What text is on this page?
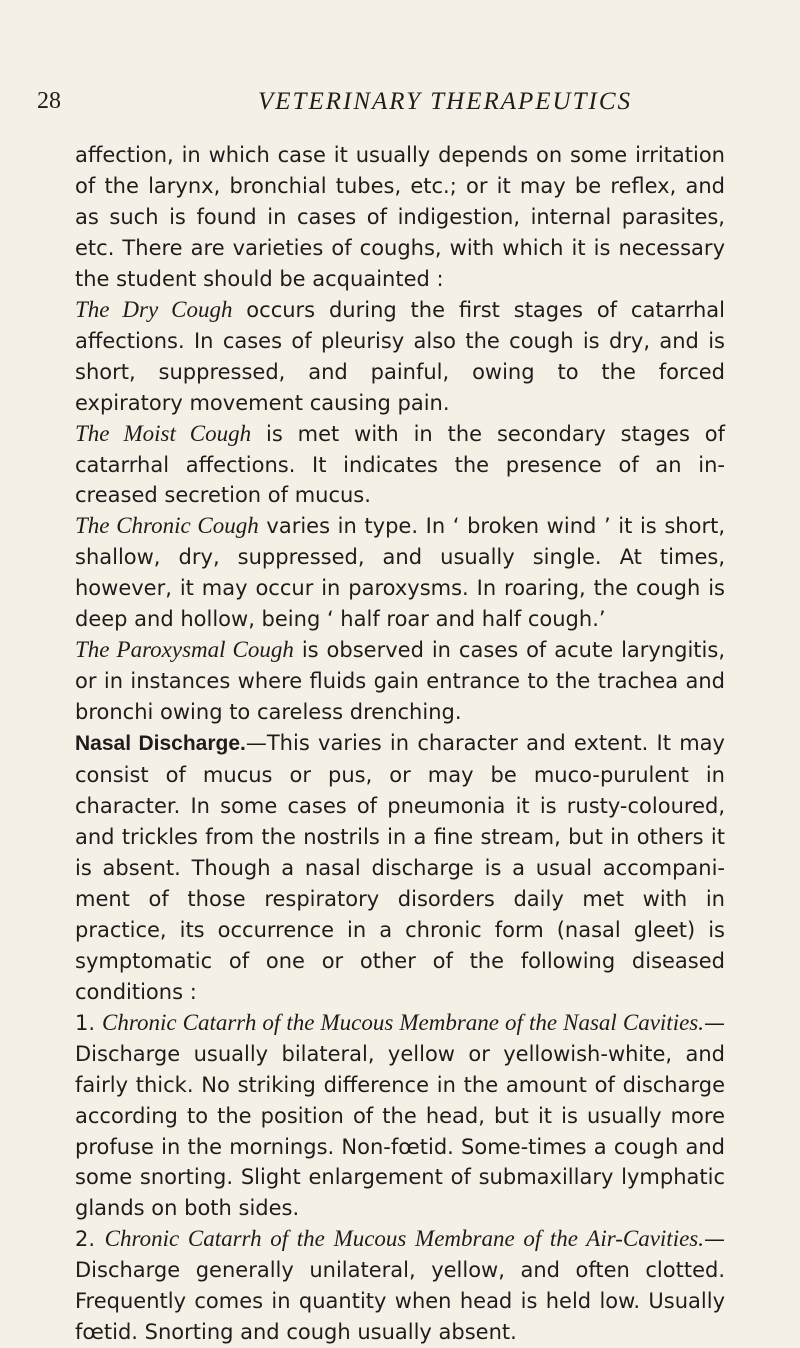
28	VETERINARY THERAPEUTICS

affection, in which case it usually depends on some irritation of the larynx, bronchial tubes, etc.; or it may be reflex, and as such is found in cases of indigestion, internal parasites, etc. There are varieties of coughs, with which it is necessary the student should be acquainted :

The Dry Cough occurs during the first stages of catarrhal affections. In cases of pleurisy also the cough is dry, and is short, suppressed, and painful, owing to the forced expiratory movement causing pain.

The Moist Cough is met with in the secondary stages of catarrhal affections. It indicates the presence of an in-creased secretion of mucus.

The Chronic Cough varies in type. In ‘ broken wind ’ it is short, shallow, dry, suppressed, and usually single. At times, however, it may occur in paroxysms. In roaring, the cough is deep and hollow, being ‘ half roar and half cough.’

The Paroxysmal Cough is observed in cases of acute laryngitis, or in instances where fluids gain entrance to the trachea and bronchi owing to careless drenching.

Nasal Discharge.—This varies in character and extent. It may consist of mucus or pus, or may be muco-purulent in character. In some cases of pneumonia it is rusty-coloured, and trickles from the nostrils in a fine stream, but in others it is absent. Though a nasal discharge is a usual accompani-ment of those respiratory disorders daily met with in practice, its occurrence in a chronic form (nasal gleet) is symptomatic of one or other of the following diseased conditions :

1. Chronic Catarrh of the Mucous Membrane of the Nasal Cavities.—Discharge usually bilateral, yellow or yellowish-white, and fairly thick. No striking difference in the amount of discharge according to the position of the head, but it is usually more profuse in the mornings. Non-fœtid. Some-times a cough and some snorting. Slight enlargement of submaxillary lymphatic glands on both sides.

2. Chronic Catarrh of the Mucous Membrane of the Air-Cavities.—Discharge generally unilateral, yellow, and often clotted. Frequently comes in quantity when head is held low. Usually fœtid. Snorting and cough usually absent.
